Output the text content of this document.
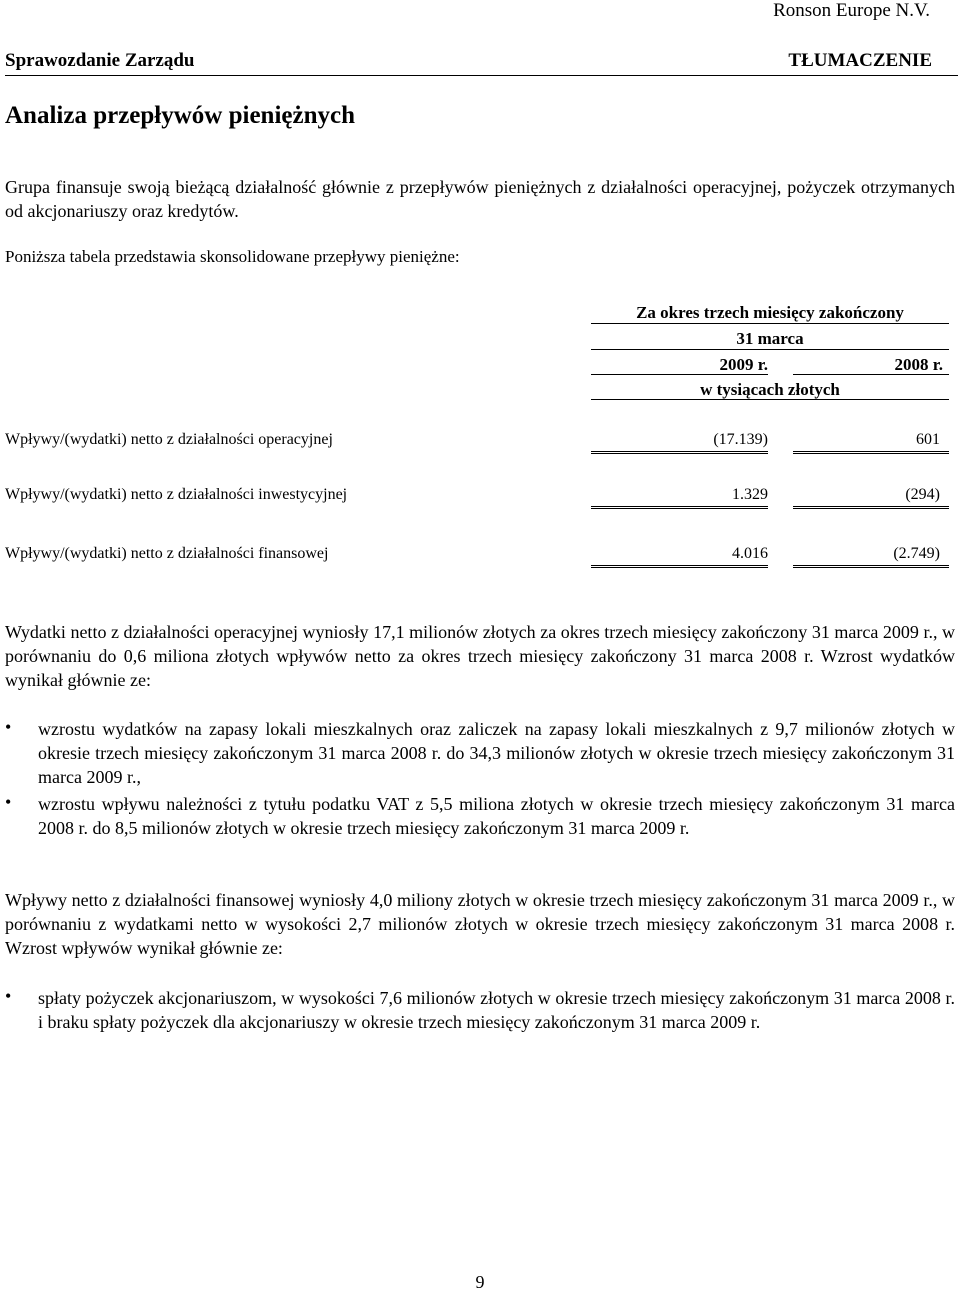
Ronson Europe N.V.
Sprawozdanie Zarządu	TŁUMACZENIE
Analiza przepływów pieniężnych
Grupa finansuje swoją bieżącą działalność głównie z przepływów pieniężnych z działalności operacyjnej, pożyczek otrzymanych od akcjonariuszy oraz kredytów.
Poniższa tabela przedstawia skonsolidowane przepływy pieniężne:
Za okres trzech miesięcy zakończony
31 marca
2009 r.	2008 r.
w tysiącach złotych
Wpływy/(wydatki) netto z działalności operacyjnej	(17.139)	601
Wpływy/(wydatki) netto z działalności inwestycyjnej	1.329	(294)
Wpływy/(wydatki) netto z działalności finansowej	4.016	(2.749)
Wydatki netto z działalności operacyjnej wyniosły 17,1 milionów złotych za okres trzech miesięcy zakończony 31 marca 2009 r., w porównaniu do 0,6 miliona złotych wpływów netto za okres trzech miesięcy zakończony 31 marca 2008 r. Wzrost wydatków wynikał głównie ze:
• wzrostu wydatków na zapasy lokali mieszkalnych oraz zaliczek na zapasy lokali mieszkalnych z 9,7 milionów złotych w okresie trzech miesięcy zakończonym 31 marca 2008 r. do 34,3 milionów złotych w okresie trzech miesięcy zakończonym 31 marca 2009 r.,
• wzrostu wpływu należności z tytułu podatku VAT z 5,5 miliona złotych w okresie trzech miesięcy zakończonym 31 marca 2008 r. do 8,5 milionów złotych w okresie trzech miesięcy zakończonym 31 marca 2009 r.
Wpływy netto z działalności finansowej wyniosły 4,0 miliony złotych w okresie trzech miesięcy zakończonym 31 marca 2009 r., w porównaniu z wydatkami netto w wysokości 2,7 milionów złotych w okresie trzech miesięcy zakończonym 31 marca 2008 r. Wzrost wpływów wynikał głównie ze:
• spłaty pożyczek akcjonariuszom, w wysokości 7,6 milionów złotych w okresie trzech miesięcy zakończonym 31 marca 2008 r. i braku spłaty pożyczek dla akcjonariuszy w okresie trzech miesięcy zakończonym 31 marca 2009 r.
9
